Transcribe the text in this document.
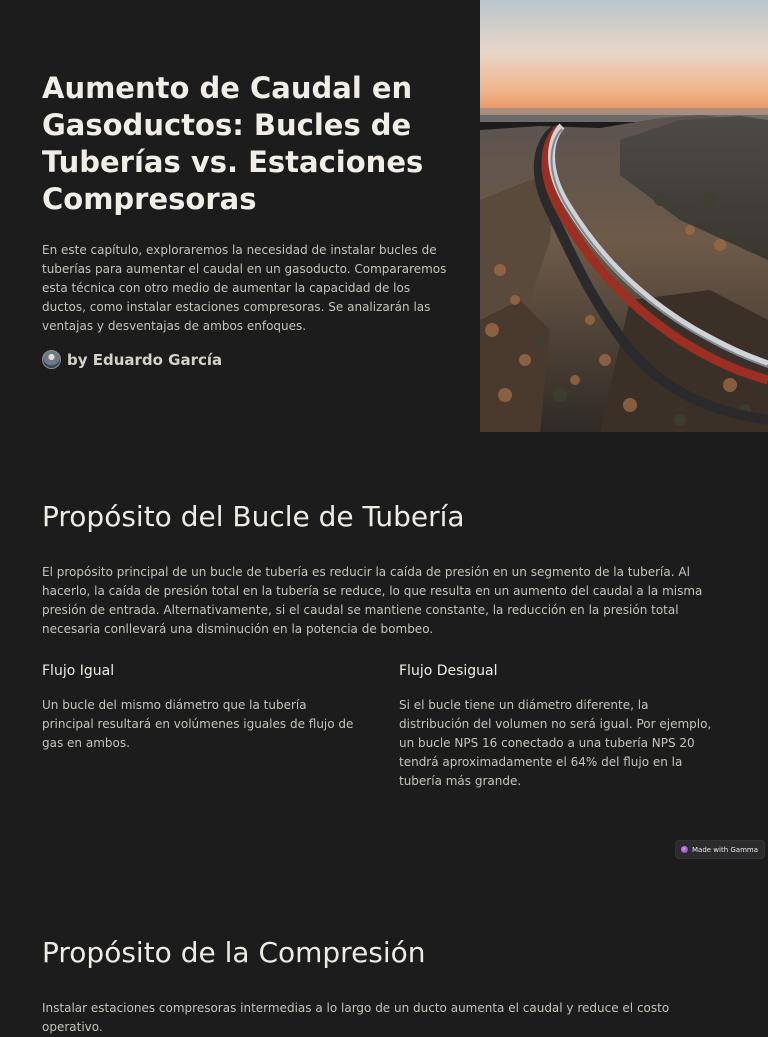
Aumento de Caudal en Gasoductos: Bucles de Tuberías vs. Estaciones Compresoras

En este capítulo, exploraremos la necesidad de instalar bucles de tuberías para aumentar el caudal en un gasoducto. Compararemos esta técnica con otro medio de aumentar la capacidad de los ductos, como instalar estaciones compresoras. Se analizarán las ventajas y desventajas de ambos enfoques.

by Eduardo García
Propósito del Bucle de Tubería

El propósito principal de un bucle de tubería es reducir la caída de presión en un segmento de la tubería. Al hacerlo, la caída de presión total en la tubería se reduce, lo que resulta en un aumento del caudal a la misma presión de entrada. Alternativamente, si el caudal se mantiene constante, la reducción en la presión total necesaria conllevará una disminución en la potencia de bombeo.

Flujo Igual

Un bucle del mismo diámetro que la tubería principal resultará en volúmenes iguales de flujo de gas en ambos.

Flujo Desigual

Si el bucle tiene un diámetro diferente, la distribución del volumen no será igual. Por ejemplo, un bucle NPS 16 conectado a una tubería NPS 20 tendrá aproximadamente el 64% del flujo en la tubería más grande.

Made with Gamma
Propósito de la Compresión

Instalar estaciones compresoras intermedias a lo largo de un ducto aumenta el caudal y reduce el costo operativo.
